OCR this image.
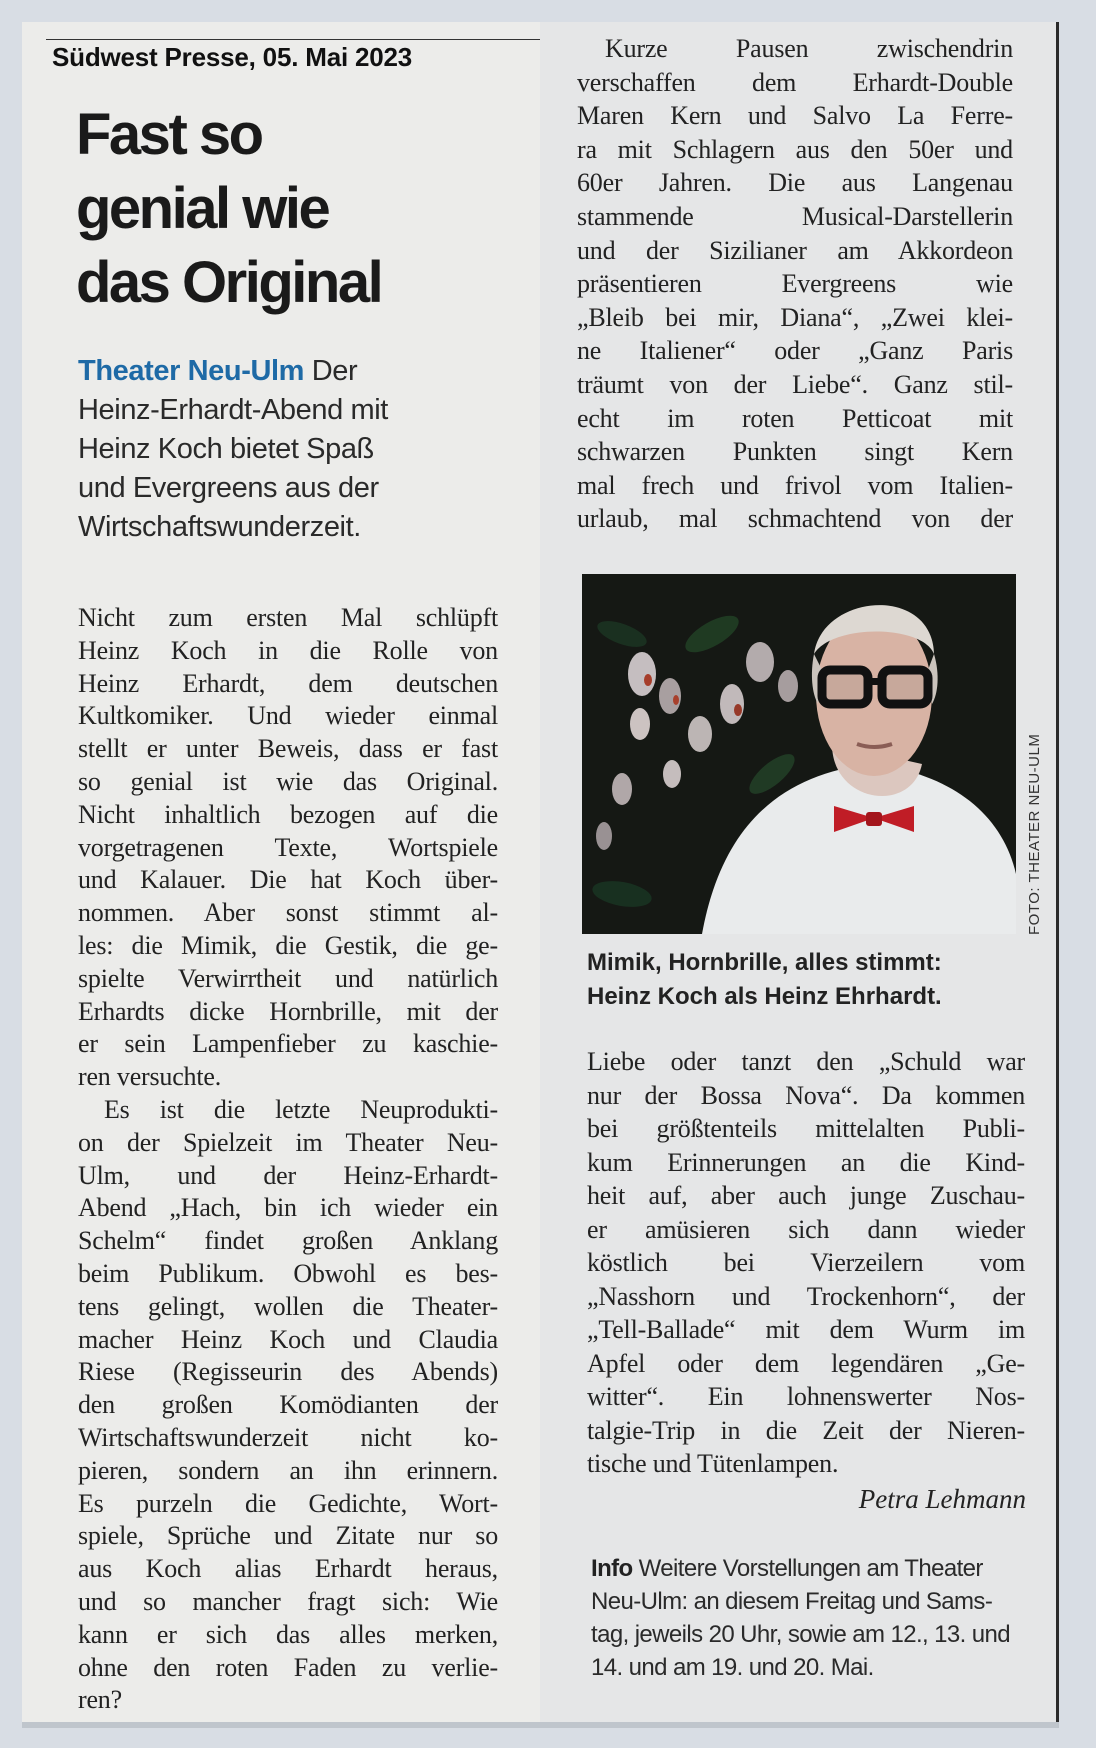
Südwest Presse, 05. Mai 2023
Fast so
genial wie
das Original
Theater Neu-Ulm Der
Heinz-Erhardt-Abend mit
Heinz Koch bietet Spaß
und Evergreens aus der
Wirtschaftswunderzeit.
Nicht zum ersten Mal schlüpft
Heinz Koch in die Rolle von
Heinz Erhardt, dem deutschen
Kultkomiker. Und wieder einmal
stellt er unter Beweis, dass er fast
so genial ist wie das Original.
Nicht inhaltlich bezogen auf die
vorgetragenen Texte, Wortspiele
und Kalauer. Die hat Koch über-
nommen. Aber sonst stimmt al-
les: die Mimik, die Gestik, die ge-
spielte Verwirrtheit und natürlich
Erhardts dicke Hornbrille, mit der
er sein Lampenfieber zu kaschie-
ren versuchte.
Es ist die letzte Neuprodukti-
on der Spielzeit im Theater Neu-
Ulm, und der Heinz-Erhardt-
Abend „Hach, bin ich wieder ein
Schelm“ findet großen Anklang
beim Publikum. Obwohl es bes-
tens gelingt, wollen die Theater-
macher Heinz Koch und Claudia
Riese (Regisseurin des Abends)
den großen Komödianten der
Wirtschaftswunderzeit nicht ko-
pieren, sondern an ihn erinnern.
Es purzeln die Gedichte, Wort-
spiele, Sprüche und Zitate nur so
aus Koch alias Erhardt heraus,
und so mancher fragt sich: Wie
kann er sich das alles merken,
ohne den roten Faden zu verlie-
ren?
Kurze Pausen zwischendrin
verschaffen dem Erhardt-Double
Maren Kern und Salvo La Ferre-
ra mit Schlagern aus den 50er und
60er Jahren. Die aus Langenau
stammende Musical-Darstellerin
und der Sizilianer am Akkordeon
präsentieren Evergreens wie
„Bleib bei mir, Diana“, „Zwei klei-
ne Italiener“ oder „Ganz Paris
träumt von der Liebe“. Ganz stil-
echt im roten Petticoat mit
schwarzen Punkten singt Kern
mal frech und frivol vom Italien-
urlaub, mal schmachtend von der
FOTO: THEATER NEU-ULM
Mimik, Hornbrille, alles stimmt:
Heinz Koch als Heinz Ehrhardt.
Liebe oder tanzt den „Schuld war
nur der Bossa Nova“. Da kommen
bei größtenteils mittelalten Publi-
kum Erinnerungen an die Kind-
heit auf, aber auch junge Zuschau-
er amüsieren sich dann wieder
köstlich bei Vierzeilern vom
„Nasshorn und Trockenhorn“, der
„Tell-Ballade“ mit dem Wurm im
Apfel oder dem legendären „Ge-
witter“. Ein lohnenswerter Nos-
talgie-Trip in die Zeit der Nieren-
tische und Tütenlampen.
Petra Lehmann
Info Weitere Vorstellungen am Theater
Neu-Ulm: an diesem Freitag und Sams-
tag, jeweils 20 Uhr, sowie am 12., 13. und
14. und am 19. und 20. Mai.
